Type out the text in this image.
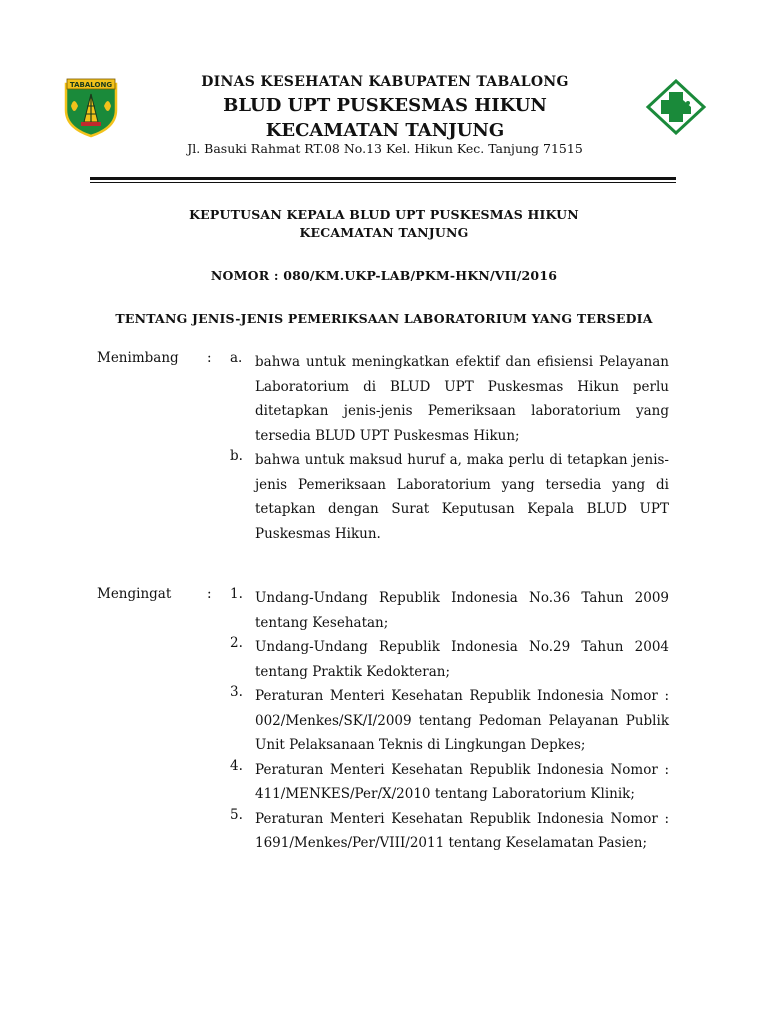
TABALONG	DINAS KESEHATAN KABUPATEN TABALONG
BLUD UPT PUSKESMAS HIKUN
KECAMATAN TANJUNG
Jl. Basuki Rahmat RT.08 No.13 Kel. Hikun Kec. Tanjung 71515
KEPUTUSAN KEPALA BLUD UPT PUSKESMAS HIKUN
KECAMATAN TANJUNG
NOMOR : 080/KM.UKP-LAB/PKM-HKN/VII/2016
TENTANG JENIS-JENIS PEMERIKSAAN LABORATORIUM YANG TERSEDIA
Menimbang : a. bahwa untuk meningkatkan efektif dan efisiensi Pelayanan Laboratorium di BLUD UPT Puskesmas Hikun perlu ditetapkan jenis-jenis Pemeriksaan laboratorium yang tersedia BLUD UPT Puskesmas Hikun;
b. bahwa untuk maksud huruf a, maka perlu di tetapkan jenis-jenis Pemeriksaan Laboratorium yang tersedia yang di tetapkan dengan Surat Keputusan Kepala BLUD UPT Puskesmas Hikun.
Mengingat	: 1. Undang-Undang Republik Indonesia No.36 Tahun 2009 tentang Kesehatan;
2. Undang-Undang Republik Indonesia No.29 Tahun 2004 tentang Praktik Kedokteran;
3. Peraturan Menteri Kesehatan Republik Indonesia Nomor : 002/Menkes/SK/I/2009 tentang Pedoman Pelayanan Publik Unit Pelaksanaan Teknis di Lingkungan Depkes;
4. Peraturan Menteri Kesehatan Republik Indonesia Nomor : 411/MENKES/Per/X/2010 tentang Laboratorium Klinik;
5. Peraturan Menteri Kesehatan Republik Indonesia Nomor : 1691/Menkes/Per/VIII/2011 tentang Keselamatan Pasien;
